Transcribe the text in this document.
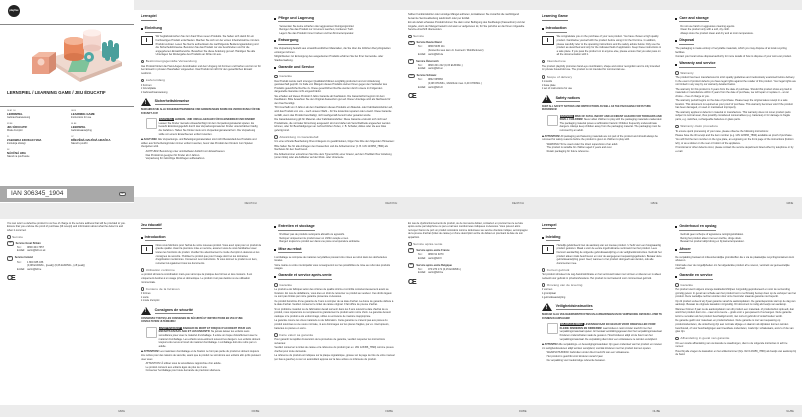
playtive
LERNSPIEL / LEARNING GAME / JEU ÉDUCATIF
DE AT CH
LERNSPIEL
Gebrauchsanweisung
GB IE
LEARNING GAME
Instructions for use
FR BE
JEU ÉDUCATIF
Mode d'emploi
NL BE
LEERSPEL
Gebruiksaanwijzing
PL
ZABAWKA EDUKACYJNA
Instrukcja obsługi
CZ
DŘEVĚNÁ NAUČNÁ HRAČKA
Návod k použití
SK
NÁUČNÁ HRA
Návod na používanie
IAN 306345_1904	DE
DE/AT/CH
Lernspiel
Einleitung
Wir beglückwünschen Sie zum Kauf Ihres neuen Produkts. Sie haben sich damit für ein hochwertiges Produkt entschieden. Machen Sie sich vor der ersten Inbetriebnahme mit dem Produkt vertraut. Lesen Sie hierzu aufmerksam die nachfolgende Bedienungsanleitung und die Sicherheitshinweise. Benutzen Sie das Produkt nur wie beschrieben und für die angegebenen Einsatzbereiche. Bewahren Sie diese Anleitung gut auf. Händigen Sie alle Unterlagen bei Weitergabe des Produkts an Dritte mit aus.
Bestimmungsgemäße Verwendung
Das Produkt fördert die Hand-Augen-Koordination und den Umgang mit Formen und Farben und ist nur für den Einsatz in privaten Haushalten vorgesehen. Das Produkt ist nicht für den gewerblichen Einsatz bestimmt.
Lieferumfang
4 Formen
1 Grundplatte
1 Gebrauchsanweisung
!
Sicherheitshinweise
BEWAHREN SIE ALLE SICHERHEITSHINWEISE UND ANWEISUNGEN SOWIE DIE VERPACKUNG FÜR DIE ZUKUNFT AUF!
WARNUNG! LEBENS- UND UNFALLGEFAHR FÜR KLEINKINDER UND KINDER! Lassen Sie Kinder niemals unbeaufsichtigt mit dem Verpackungsmaterial spielen. Es besteht Erstickungsgefahr durch das Verpackungsmaterial. Kinder unterschätzen häufig die Gefahren. Halten Sie Kinder stets vom Verpackungsmaterial fern. Die Verpackung sollte von einem Erwachsenen entfernt werden.
ACHTUNG! Alle Verpackungs- und Befestigungsmaterialien sind nicht Bestandteil des Produkts und sollten aus Sicherheitsgründen immer entfernt werden, bevor das Produkt den Kindern zum Spielen übergeben wird.
• ACHTUNG! Benutzung unter unmittelbarer Aufsicht von Erwachsenen.
• Das Produkt ist geeignet für Kinder ab 2 Jahren.
• Verpackung für zukünftige Rückfragen aufbewahren.
DE/AT/CH
Pflege und Lagerung
• Verwenden Sie keine scharfen oder aggressiven Reinigungsmittel.
• Reinigen Sie das Produkt nur mit einem weichen, trockenen Tuch.
• Lagern Sie das Produkt immer trocken und bei Zimmertemperatur.
Entsorgung
Die Verpackung besteht aus umweltfreundlichen Materialien, die Sie über die örtlichen Recyclingstellen entsorgen können.
Möglichkeiten zur Entsorgung des ausgedienten Produkts erfahren Sie bei Ihrer Gemeinde- oder Stadtverwaltung.
Garantie und Service
Garantie
Das Produkt wurde nach strengen Qualitätsrichtlinien sorgfältig produziert und vor Anlieferung gewissenhaft geprüft. Im Falle von Mängeln dieses Produkts stehen Ihnen gegen den Verkäufer des Produkts gesetzliche Rechte zu. Diese gesetzlichen Rechte werden durch unsere im Folgenden dargestellte Garantie nicht eingeschränkt.
Sie erhalten auf dieses Produkt 3 Jahre Garantie ab Kaufdatum. Die Garantiefrist beginnt mit dem Kaufdatum. Bitte bewahren Sie den Original-Kassenbon gut auf. Diese Unterlage wird als Nachweis für den Kauf benötigt.
Tritt innerhalb von 3 Jahren ab dem Kaufdatum dieses Produkts ein Material- oder Fabrikationsfehler auf, wird das Produkt von uns – nach unserer Wahl – für Sie kostenlos repariert oder ersetzt. Diese Garantie verfällt, wenn das Produkt beschädigt, nicht sachgemäß benutzt oder gewartet wurde.
Die Garantieleistung gilt für Material- oder Fabrikationsfehler. Diese Garantie erstreckt sich nicht auf Produktteile, die normaler Abnutzung ausgesetzt sind und daher als Verschleißteile angesehen werden können, oder für Beschädigungen an zerbrechlichen Teilen, z. B. Schalter, Akkus oder die aus Glas gefertigt sind.
Abwicklung im Garantiefall
Um eine schnelle Bearbeitung Ihres Anliegens zu gewährleisten, folgen Sie bitte den folgenden Hinweisen:
Bitte halten Sie für alle Anfragen den Kassenbon und die Artikelnummer (z. B. IAN 123456_7890) als Nachweis für den Kauf bereit.
Die Artikelnummer entnehmen Sie bitte dem Typenschild, einer Gravur, auf dem Titelblatt Ihrer Anleitung (unten links) oder als Aufkleber auf der Rück- oder Unterseite.
DE/AT/CH
Sollten Funktionsfehler oder sonstige Mängel auftreten, kontaktieren Sie zunächst die nachfolgend benannte Serviceabteilung telefonisch oder per E-Mail.
Ein als defekt erfasstes Produkt können Sie dann unter Beifügung des Kaufbelegs (Kassenbon) und der Angabe, worin der Mangel besteht und wann er aufgetreten ist, für Sie portofrei an die Ihnen mitgeteilte Service-Anschrift übersenden.
Service
DE	Service Deutschland
Tel.:	0800 5435 111
(Kostenfrei aus dem dt. Festnetz / Mobilfunknetz)
E-Mail: owim@lidl.de
AT	Service Österreich
Tel.:	0820 201 222 (0,15 EUR/Min.)
E-Mail: owim@lidl.at
CH	Service Schweiz
Tel.:	0842 665566
(0,08 CHF/Min., Mobilfunk max. 0,40 CHF/Min.)
E-Mail: owim@lidl.ch
CE
GB/IE
Learning Game
Introduction
We congratulate you on the purchase of your new product. You have chosen a high quality product. Familiarise yourself with the product before using it for the first time. In addition, please carefully refer to the operating instructions and the safety advice below. Only use the product as described and only for the indicated field of application. Keep these instructions in a safe place. If you pass the product on to anyone else, please ensure that you also pass on all the documentation with it.
Intended use
The product playfully promotes hand-eye coordination, shape and colour recognition and is only intended for private household use. The product is not intended for commercial use.
Scope of delivery
4 moulds
1 base plate
1 set of instructions for use
!
Safety notices
KEEP ALL SAFETY NOTICES AND INSTRUCTIONS AS WELL AS THE PACKAGING FOR FUTURE REFERENCE!
WARNING! RISK OF FATAL INJURY AND ACCIDENT HAZARD FOR TODDLERS AND SMALL CHILDREN! Never allow children to play with the packaging materials unattended. The packaging material poses a suffocation hazard. Children frequently underestimate dangers. Always keep children away from the packaging material. The packaging must be removed by an adult.
ATTENTION! All packaging and fastening materials are not part of the product and should always be removed for safety reasons before the product is given to children to play with.
• WARNING! To be used under the direct supervision of an adult.
• The product is suitable for children aged 2 years and over.
• Retain packaging for future reference.
GB/IE
Care and storage
• Do not use harsh or aggressive cleaning agents.
• Clean the product only with a soft, dry cloth.
• Always store the product clean and dry and at room temperature.
Disposal
The packaging is made entirely of recyclable materials, which you may dispose of at local recycling facilities.
Contact your local refuse disposal authority for more details of how to dispose of your worn-out product.
Warranty and service
Warranty
The product has been manufactured to strict quality guidelines and meticulously examined before delivery. In the event of product defects you have legal rights against the retailer of this product. Your legal rights are not limited in any way by our warranty detailed below.
The warranty for this product is 3 years from the date of purchase. Should this product show any fault in materials or manufacture within 3 years from the date of purchase, we will repair or replace it – at our choice – free of charge to you.
The warranty period begins on the date of purchase. Please keep the original sales receipt in a safe location. This document is required as your proof of purchase. This warranty becomes void if the product has been damaged, or used or maintained improperly.
The warranty applies to defects in material or manufacture. This warranty does not cover product parts subject to normal wear, thus possibly considered consumables (e.g. batteries) or for damage to fragile parts, e.g. switches, rechargeable batteries or glass parts.
Warranty claim procedure
To ensure quick processing of your case, please observe the following instructions:
Please have the till receipt and the item number (e.g. IAN 123456_7890) available as proof of purchase.
You will find the item number on the type plate, an engraving on the front page of the instructions (bottom left), or as a sticker on the rear or bottom of the appliance.
If functional or other defects occur, please contact the service department listed either by telephone or by e-mail.
GB/IE
You can return a defective product to us free of charge to the service address that will be provided to you. Ensure that you enclose the proof of purchase (till receipt) and information about what the defect is and when it occurred.
Service
GB	Service Great Britain
Tel.:	0800 404 7657
E-Mail: owim@lidl.co.uk
IE	Service Ireland
Tel.:	1 800 935 036
(0,08 EUR/Min., (peak)) (0,06 EUR/Min., (off peak))
E-Mail: owim@lidl.ie
CE
FR/BE
Jeu éducatif
Introduction
Nous vous félicitons pour l'achat de votre nouveau produit. Vous avez opté pour un produit de grande qualité. Avant la première mise en service, assurez-vous de vous familiariser avec toutes les fonctions du produit. Veuillez lire attentivement le mode d'emploi ci-dessous et les consignes de sécurité. N'utilisez le produit que pour l'usage décrit et les domaines d'application mentionnés. Conservez ces instructions. Si vous donnez le produit à un tiers, remettez-lui également tous les documents.
Utilisation conforme
Le produit stimule la coordination main-yeux ainsi que la pratique des formes et des couleurs. Il est uniquement destiné à un usage privé et domestique. Le produit n'est pas destiné à une utilisation commerciale.
Contenu de la livraison
4 formes
1 socle
1 mode d'emploi
!
Consignes de sécurité
CONSERVEZ TOUTES LES CONSIGNES DE SÉCURITÉ ET INSTRUCTIONS EN VUE D'UNE CONSULTATION ULTÉRIEURE!
AVERTISSEMENT! DANGER DE MORT ET RISQUE D'ACCIDENT POUR LES ENFANTS EN BAS ÂGE ET LES ENFANTS! Ne jamais laisser les enfants sans surveillance jouer avec le matériel d'emballage. Il existe un risque d'étouffement avec le matériel d'emballage. Les enfants sous-estiment souvent les dangers. Les enfants doivent toujours être tenus à l'écart du matériel d'emballage. L'emballage doit être retiré par un adulte.
ATTENTION! Les matériaux d'emballage et de fixation ne font pas partie du produit et doivent toujours être retirés pour des raisons de sécurité, avant que le produit ne soit donné aux enfants afin qu'ils puissent jouer avec.
• ATTENTION! À utiliser sous la surveillance rapprochée d'un adulte.
• Le produit convient aux enfants âgés de plus de 2 ans.
• Conserver l'emballage pour toute demande de précision ultérieure.
FR/BE
Entretien et stockage
• N'utilisez pas de produits nettoyants abrasifs ou agressifs.
• Nettoyez uniquement le produit avec un chiffon souple et sec.
• Rangez toujours le produit sec dans une pièce à température ambiante.
Mise au rebut
L'emballage se compose de matières recyclables pouvant être mises au rebut dans les déchetteries locales.
Votre mairie ou votre municipalité vous renseigneront sur les possibilités de mise au rebut des produits usagés.
Garantie et service après-vente
Garantie
Le produit a été fabriqué selon des critères de qualité stricts et contrôlé consciencieusement avant sa livraison. En cas de défaillance, vous êtes en droit de retourner ce produit au vendeur. Ces droits légaux ne sont pas limités par notre garantie présentée ci-dessous.
Ce produit bénéficie d'une garantie de 3 ans à compter de sa date d'achat. La durée de garantie débute à la date d'achat. Veuillez conserver le ticket de caisse original. Il fait office de preuve d'achat.
Si un problème matériel ou de fabrication devait survenir dans les 3 ans suivant la date d'achat de ce produit, nous réparerons ou remplacerons gratuitement le produit selon notre choix. La garantie devient caduque si le produit a été endommagé, utilisé ou entretenu de manière inappropriée.
La garantie couvre les vices matériels ou de fabrication. Cette garantie ne s'étend pas aux pièces du produit soumises à une usure normale, ni aux dommages sur les pièces fragiles, par ex. interrupteurs, batteries ou pièces en verre.
Faire valoir sa garantie
Pour garantir la rapidité d'exécution de la procédure de garantie, veuillez respecter les instructions suivantes:
Veuillez conserver le ticket de caisse et la référence du produit (par ex. IAN 123456_7890) comme preuve d'achat pour toute demande.
La référence du produit est indiquée sur la plaque signalétique, gravée sur la page de titre de votre manuel (en bas à gauche) ou sur un autocollant apposé sur la face arrière ou inférieure du produit.
FR/BE
En cas de dysfonctionnements du produit, ou de tout autre défaut, contactez en premier lieu le service après-vente par téléphone ou par e-mail aux coordonnées indiquées ci-dessous. Vous pouvez alors renvoyer franco de port un produit considéré comme défectueux au service clientèle indiqué, accompagné de la preuve d'achat (ticket de caisse) et d'une description écrite du défaut en précisant la date de son apparition.
Service après-vente
FR	Service après-vente France
Tel.:	0800 91 9270
E-Mail: owim@lidl.fr
BE	Service après-vente Belgique
Tel.:	070 270 171 (0,15 EUR/Min.)
E-Mail: owim@lidl.be
CE
NL/BE
Leerspel
Inleiding
Hartelijk gefeliciteerd met de aankoop van uw nieuwe product. U hebt voor een hoogwaardig product gekozen. Maak u voor de eerste ingebruikname vertrouwd met het product. Lees hiervoor aandachtig de volgende gebruiksaanwijzing en de veiligheidsinstructies. Gebruik het product alleen zoals beschreven en voor de aangegeven toepassingsgebieden. Bewaar deze gebruiksaanwijzing goed. Geef, wanneer u het product doorgeeft aan derden, ook alle documenten mee.
Correct gebruik
Het product stimuleert de oog-handcoördinatie en het vertrouwd raken met vormen en kleuren en is alleen bedoeld voor gebruik in privéhuishoudens. Het product is niet bestemd voor commercieel gebruik.
Omvang van de levering
4 vormen
1 grondplaat
1 gebruiksaanwijzing
!
Veiligheidsinstructies
BEWAAR ALLE VEILIGHEIDSINSTRUCTIES EN AANWIJZINGEN EN DE VERPAKKING OM DEZE LATER TE KUNNEN RAADPLEGEN!
WAARSCHUWING! LEVENSGEVAAR EN GEVAAR VOOR ONGEVALLEN VOOR KLEINE KINDEREN EN KINDEREN! Laat kinderen nooit zonder toezicht met het verpakkingsmateriaal spelen. Er bestaat verstikkingsgevaar door het verpakkingsmateriaal. Kinderen onderschatten vaak de gevaren. Houd kinderen altijd uit de buurt van het verpakkingsmateriaal. De verpakking dient door een volwassene te worden verwijderd.
ATTENTIE! Alle verpakkings- en bevestigingsmaterialen zijn geen onderdeel van het product en moeten om veiligheidsredenen altijd worden verwijderd, voordat kinderen met het product kunnen spelen.
• WAARSCHUWING! Gebruiken onder direct toezicht van een volwassene.
• Het product is geschikt voor kinderen vanaf 2 jaar.
• De verpakking voor toekomstige referentie bewaren.
NL/BE
Onderhoud en opslag
• Gebruik geen scherpe of agressieve reinigingsmiddelen.
• Reinig het product alleen met een zachte, droge doek.
• Bewaar het product altijd droog en bij kamertemperatuur.
Afvoer
De verpakking bestaat uit milieuvriendelijke grondstoffen die u via de plaatselijke recyclingcontainers kunt afvoeren.
Informatie over de mogelijkheden om het afgedankte product af te voeren, verstrekt uw gemeentelijke overheid.
Garantie en service
Garantie
Het product werd volgens strenge kwaliteitsrichtlijnen zorgvuldig geproduceerd en voor de verzending grondig getest. In geval van schade aan het product kunt u rechtmatig beroep doen op de verkoper van het product. Deze wettelijke rechten worden door onze hieronder staande garantie niet beperkt.
Op dit product verleent wij 3 jaar garantie vanaf de aankoopdatum. De garantieperiode start op de dag van aankoop. Bewaar de originele kassabon zorgvuldig. Dit document is nodig als bewijs van aankoop.
Wanneer binnen 3 jaar na de aankoopdatum van dit product een materiaal- of productiefout optreedt, dan wordt het product door ons – naar onze keuze – gratis voor u gerepareerd of vervangen. Deze garantie komt te vervallen als het product beschadigd wordt, niet correct gebruikt of onderhouden wordt.
De garantie geldt voor materiaal- en productiefouten. Deze garantie is niet van toepassing op productonderdelen, die onderhevig zijn aan normale slijtage en daarom als slijtdelen kunnen worden beschouwd, of voor beschadigingen aan breekbare onderdelen, zoals bijv. schakelaars, accu's of die van glas zijn.
Afhandeling in geval van garantie
Om een snelle afhandeling van uw kwestie te waarborgen, dient u de volgende instructies in acht te nemen:
Houd bij alle vragen de kassabon en het artikelnummer (bijv. IAN 123456_7890) als bewijs van aankoop bij de hand.
